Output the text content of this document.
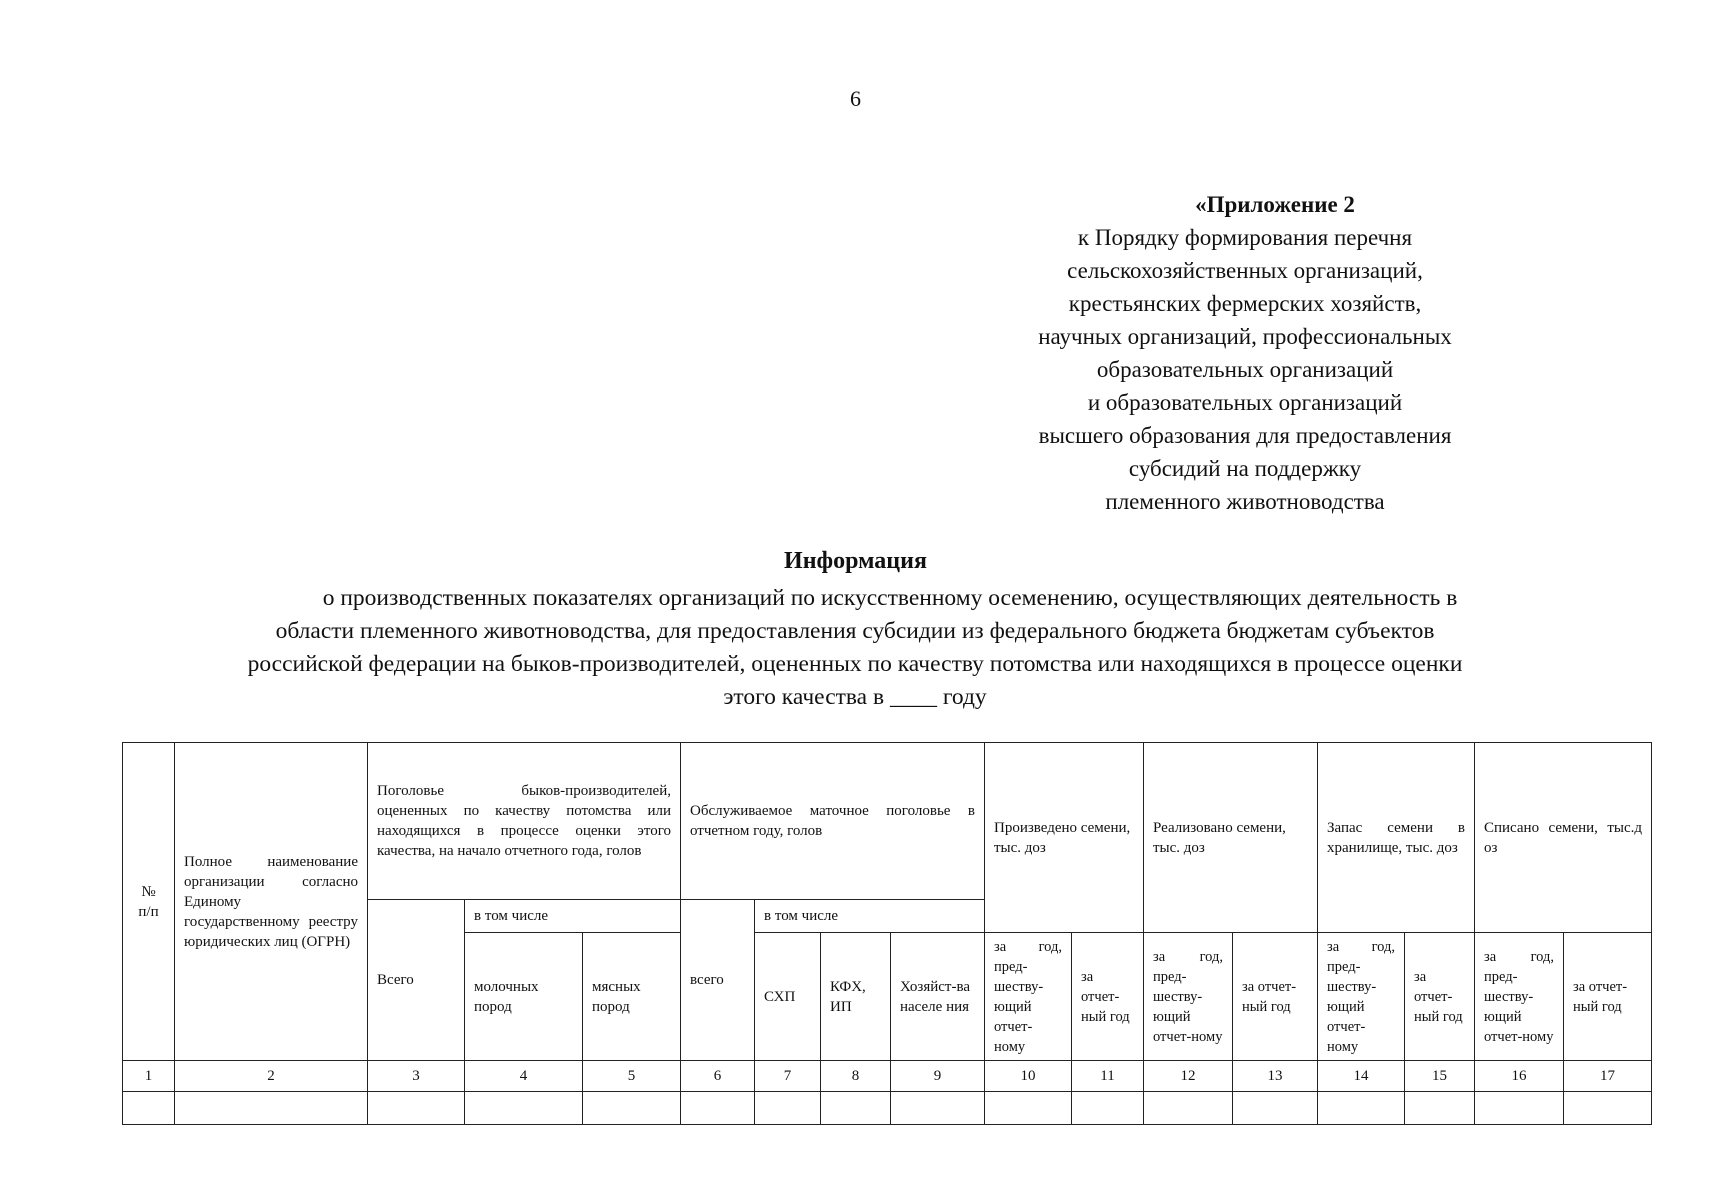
6
«Приложение 2
к Порядку формирования перечня
сельскохозяйственных организаций,
крестьянских фермерских хозяйств,
научных организаций, профессиональных
образовательных организаций
и образовательных организаций
высшего образования для предоставления
субсидий на поддержку
племенного животноводства
Информация
о производственных показателях организаций по искусственному осеменению, осуществляющих деятельность в
области племенного животноводства, для предоставления субсидии из федерального бюджета бюджетам субъектов
российской федерации на быков-производителей, оцененных по качеству потомства или находящихся в процессе оценки
этого качества в ____ году
№
п/п	Полное наименование организации согласно Единому государственному реестру юридических лиц (ОГРН)	Поголовье быков-производителей, оцененных по качеству потомства или находящихся в процессе оценки этого качества, на начало отчетного года, голов			Обслуживаемое маточное поголовье в отчетном году, голов				Произведено семени, тыс. доз		Реализовано семени, тыс. доз		Запас семени в хранилище, тыс. доз		Списано семени, тыс.д оз	
		Всего	в том числе		всего	в том числе										
			молочных пород	мясных пород		СХП	КФХ, ИП	Хозяйст-ва населе ния	за год, пред-шеству-ющий отчет-ному	за отчет-ный год	за год, пред-шеству-ющий отчет-ному	за отчет-ный год	за год, пред-шеству-ющий отчет-ному	за отчет-ный год	за год, пред-шеству-ющий отчет-ному	за отчет-ный год
1	2	3	4	5	6	7	8	9	10	11	12	13	14	15	16	17
